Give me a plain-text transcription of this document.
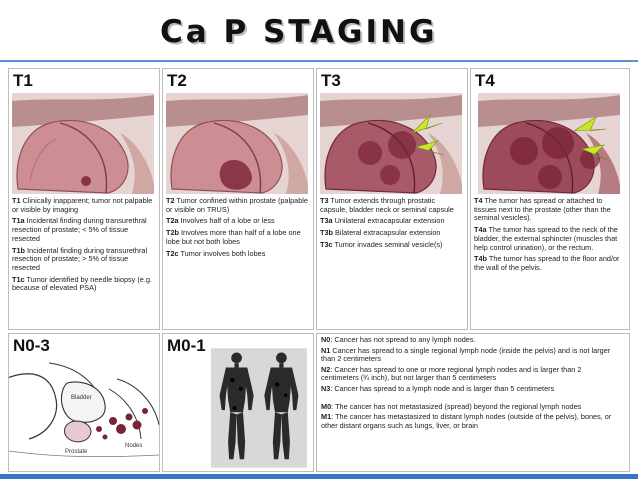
Ca P STAGING
T1

T1 Clinically inapparent; tumor not palpable or visible by imaging

T1a Incidental finding during transurethral resection of prostate; < 5% of tissue resected

T1b Incidental finding during transurethral resection of prostate; > 5% of tissue resected

T1c Tumor identified by needle biopsy (e.g. because of elevated PSA)

T2

T2 Tumor confined within prostate (palpable or visible on TRUS)

T2a Involves half of a lobe or less

T2b Involves more than half of a lobe one lobe but not both lobes

T2c Tumor involves both lobes

T3

T3 Tumor extends through prostatic capsule, bladder neck or seminal capsule

T3a Unilateral extracapsular extension

T3b Bilateral extracapsular extension

T3c Tumor invades seminal vesicle(s)

T4

T4 The tumor has spread or attached to tissues next to the prostate (other than the seminal vesicles).

T4a The tumor has spread to the neck of the bladder, the external sphincter (muscles that help control urination), or the rectum.

T4b The tumor has spread to the floor and/or the wall of the pelvis.

N0-3
Bladder
Prostate
Nodes
M0-1	N0: Cancer has not spread to any lymph nodes.

N1 Cancer has spread to a single regional lymph node (inside the pelvis) and is not larger than 2 centimeters

N2: Cancer has spread to one or more regional lymph nodes and is larger than 2 centimeters (¾ inch), but not larger than 5 centimeters

N3: Cancer has spread to a lymph node and is larger than 5 centimeters

M0: The cancer has not metastasized (spread) beyond the regional lymph nodes

M1: The cancer has metastasized to distant lymph nodes (outside of the pelvis), bones, or other distant organs such as lungs, liver, or brain
